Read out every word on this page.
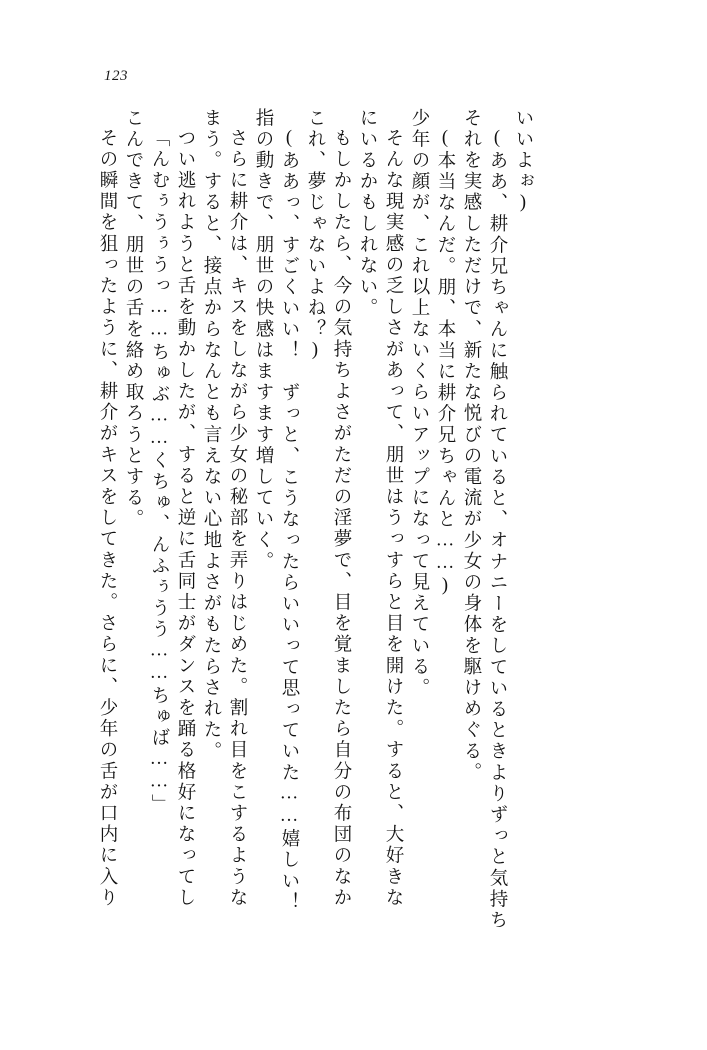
123
その瞬間を狙ったように、耕介がキスをしてきた。さらに、少年の舌が口内に入り こんできて、朋世の舌を絡め取ろうとする。 「んむぅうぅうっ……ちゅぶ……くちゅ、んふぅうう……ちゅば……」 つい逃れようと舌を動かしたが、すると逆に舌同士がダンスを踊る格好になってし まう。すると、接点からなんとも言えない心地よさがもたらされた。 さらに耕介は、キスをしながら少女の秘部を弄りはじめた。割れ目をこするような 指の動きで、朋世の快感はますます増していく。 (ああっ、すごくいい！　ずっと、こうなったらいいって思っていた……嬉しい！ これ、夢じゃないよね？) もしかしたら、今の気持ちよさがただの淫夢で、目を覚ましたら自分の布団のなか にいるかもしれない。 そんな現実感の乏しさがあって、朋世はうっすらと目を開けた。すると、大好きな 少年の顔が、これ以上ないくらいアップになって見えている。 (本当なんだ。朋、本当に耕介兄ちゃんと……) それを実感しただけで、新たな悦びの電流が少女の身体を駆けめぐる。 (ああ、耕介兄ちゃんに触られていると、オナニーをしているときよりずっと気持ち いいよぉ)
